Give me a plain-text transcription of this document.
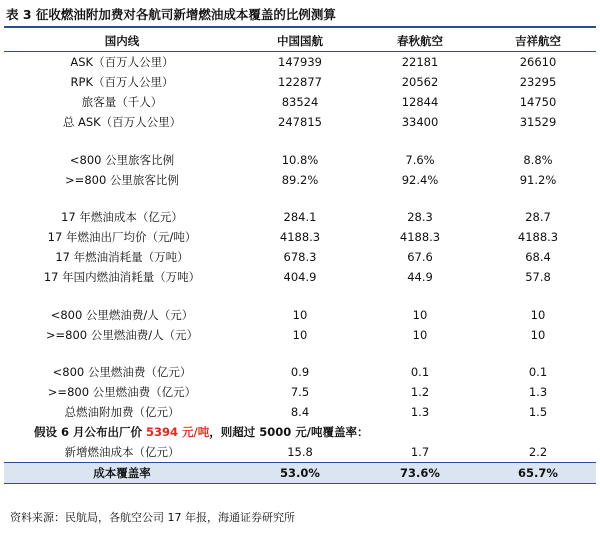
表 3 征收燃油附加费对各航司新增燃油成本覆盖的比例测算
国内线	中国国航	春秋航空	吉祥航空
ASK（百万人公里）	147939	22181	26610
RPK（百万人公里）	122877	20562	23295
旅客量（千人）	83524	12844	14750
总 ASK（百万人公里）	247815	33400	31529

<800 公里旅客比例	10.8%	7.6%	8.8%
>=800 公里旅客比例	89.2%	92.4%	91.2%

17 年燃油成本（亿元）	284.1	28.3	28.7
17 年燃油出厂均价（元/吨）	4188.3	4188.3	4188.3
17 年燃油消耗量（万吨）	678.3	67.6	68.4
17 年国内燃油消耗量（万吨）	404.9	44.9	57.8

<800 公里燃油费/人（元）	10	10	10
>=800 公里燃油费/人（元）	10	10	10

<800 公里燃油费（亿元）	0.9	0.1	0.1
>=800 公里燃油费（亿元）	7.5	1.2	1.3
总燃油附加费（亿元）	8.4	1.3	1.5
假设 6 月公布出厂价 5394 元/吨，则超过 5000 元/吨覆盖率：			
新增燃油成本（亿元）	15.8	1.7	2.2
成本覆盖率	53.0%	73.6%	65.7%
资料来源：民航局，各航空公司 17 年报，海通证券研究所
